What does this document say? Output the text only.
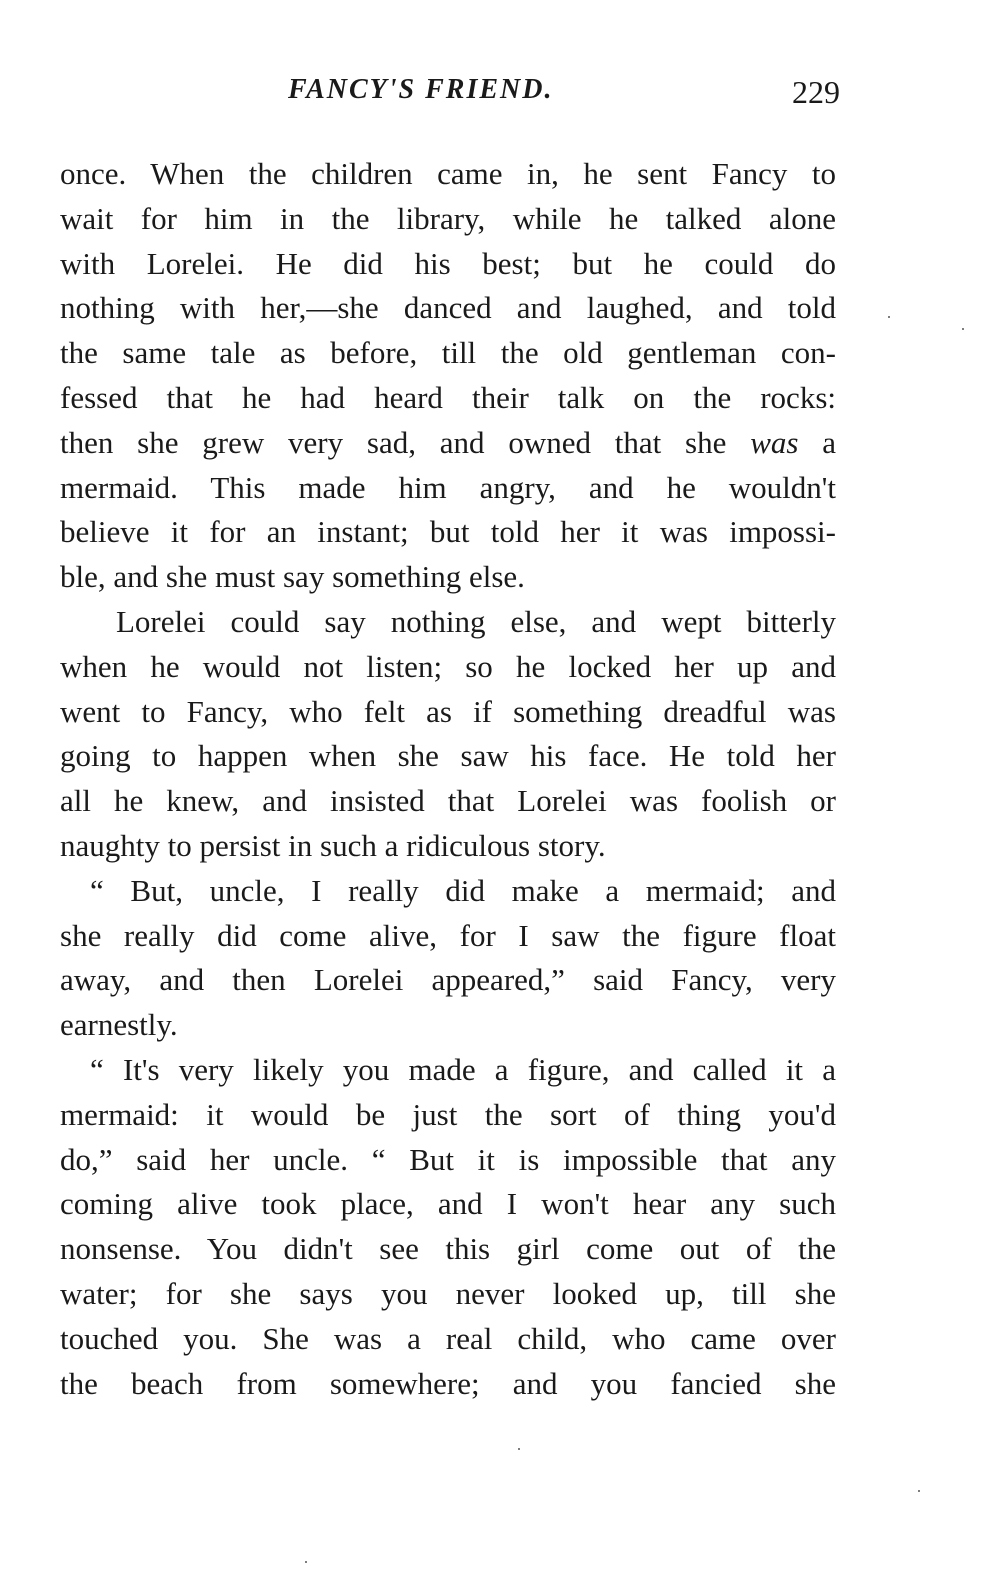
FANCY'S FRIEND.	229
once. When the children came in, he sent Fancy to
wait for him in the library, while he talked alone
with Lorelei. He did his best; but he could do
nothing with her,—she danced and laughed, and told
the same tale as before, till the old gentleman con-
fessed that he had heard their talk on the rocks:
then she grew very sad, and owned that she was a
mermaid. This made him angry, and he wouldn't
believe it for an instant; but told her it was impossi-
ble, and she must say something else.
Lorelei could say nothing else, and wept bitterly
when he would not listen; so he locked her up and
went to Fancy, who felt as if something dreadful was
going to happen when she saw his face. He told her
all he knew, and insisted that Lorelei was foolish or
naughty to persist in such a ridiculous story.
“ But, uncle, I really did make a mermaid; and
she really did come alive, for I saw the figure float
away, and then Lorelei appeared,” said Fancy, very
earnestly.
“ It's very likely you made a figure, and called it a
mermaid: it would be just the sort of thing you'd
do,” said her uncle. “ But it is impossible that any
coming alive took place, and I won't hear any such
nonsense. You didn't see this girl come out of the
water; for she says you never looked up, till she
touched you. She was a real child, who came over
the beach from somewhere; and you fancied she
